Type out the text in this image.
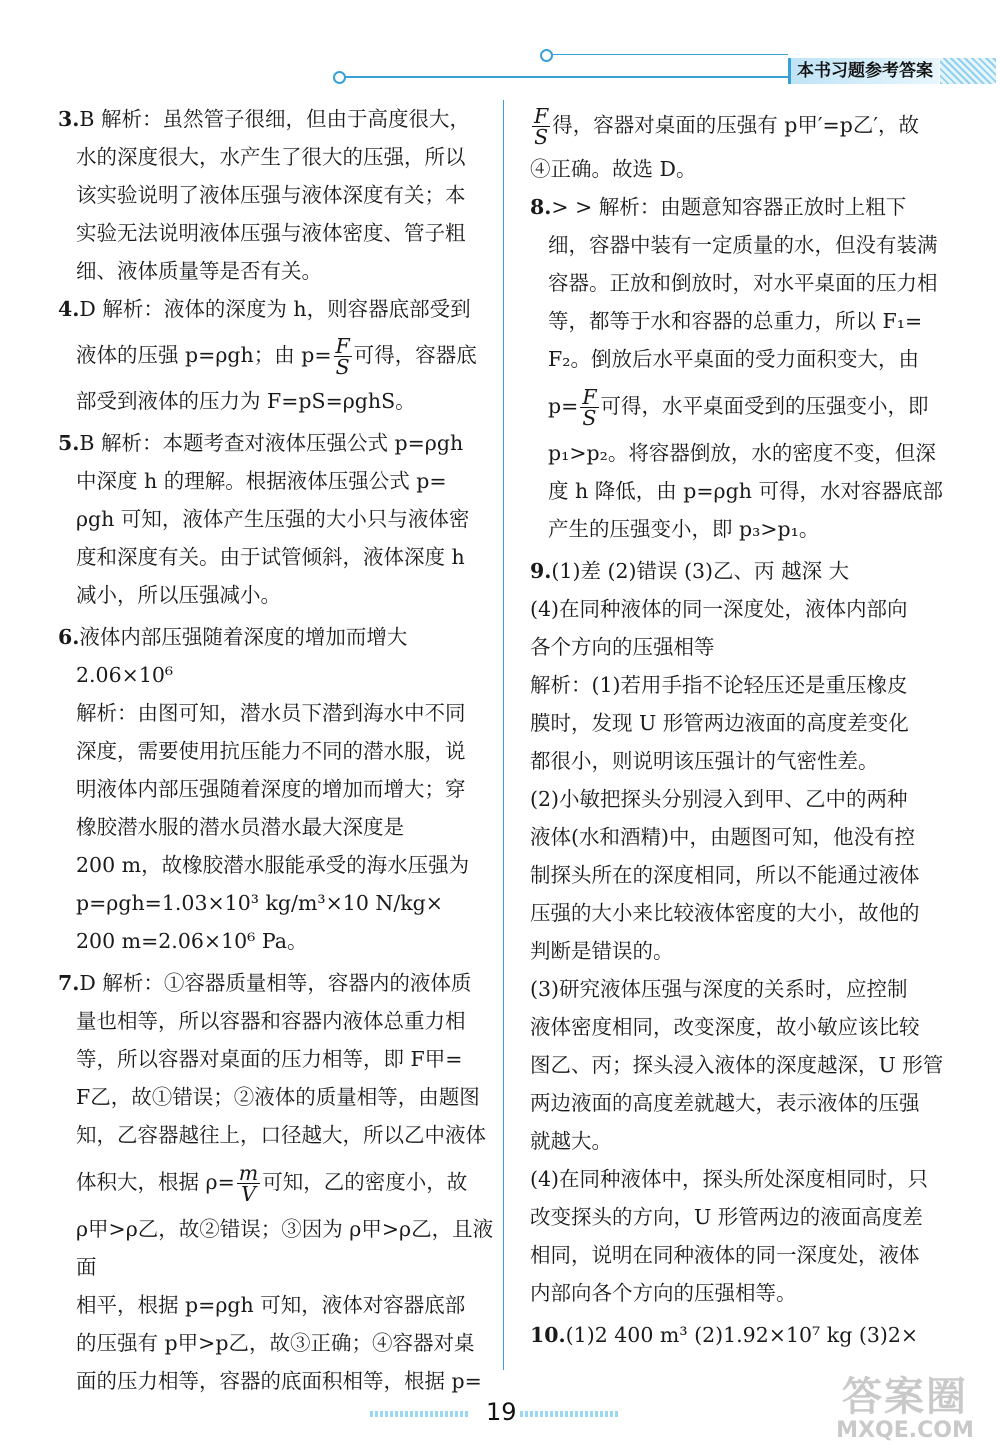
本书习题参考答案
3.B 解析：虽然管子很细，但由于高度很大，
水的深度很大，水产生了很大的压强，所以
该实验说明了液体压强与液体深度有关；本
实验无法说明液体压强与液体密度、管子粗
细、液体质量等是否有关。
4.D 解析：液体的深度为 h，则容器底部受到
液体的压强 p=ρgh；由 $p= \frac{F}{S}$ 可得，容器底
部受到液体的压力为 F=pS=ρghS。
5.B 解析：本题考查对液体压强公式 p=ρgh
中深度 h 的理解。根据液体压强公式 p=
ρgh 可知，液体产生压强的大小只与液体密
度和深度有关。由于试管倾斜，液体深度 h
减小，所以压强减小。
6.液体内部压强随着深度的增加而增大
2.06×10⁶
解析：由图可知，潜水员下潜到海水中不同
深度，需要使用抗压能力不同的潜水服，说
明液体内部压强随着深度的增加而增大；穿
橡胶潜水服的潜水员潜水最大深度是
200 m，故橡胶潜水服能承受的海水压强为
p=ρgh=1.03×10³ kg/m³×10 N/kg×
200 m=2.06×10⁶ Pa。
7.D 解析：①容器质量相等，容器内的液体质
量也相等，所以容器和容器内液体总重力相
等，所以容器对桌面的压力相等，即 F甲=
F乙，故①错误；②液体的质量相等，由题图
知，乙容器越往上，口径越大，所以乙中液体
体积大，根据 $\rho= \frac{m}{V}$ 可知，乙的密度小，故
ρ甲>ρ乙，故②错误；③因为 ρ甲>ρ乙，且液面
相平，根据 p=ρgh 可知，液体对容器底部
的压强有 p甲>p乙，故③正确；④容器对桌
面的压力相等，容器的底面积相等，根据 p=
$\frac{F}{S}$ 得，容器对桌面的压强有 p甲′=p乙′，故
④正确。故选 D。
8.> > 解析：由题意知容器正放时上粗下
细，容器中装有一定质量的水，但没有装满
容器。正放和倒放时，对水平桌面的压力相
等，都等于水和容器的总重力，所以 F₁=
F₂。倒放后水平桌面的受力面积变大，由
$p= \frac{F}{S}$ 可得，水平桌面受到的压强变小，即
p₁>p₂。将容器倒放，水的密度不变，但深
度 h 降低，由 p=ρgh 可得，水对容器底部
产生的压强变小，即 p₃>p₁。
9.(1)差 (2)错误 (3)乙、丙 越深 大
(4)在同种液体的同一深度处，液体内部向
各个方向的压强相等
解析：(1)若用手指不论轻压还是重压橡皮
膜时，发现 U 形管两边液面的高度差变化
都很小，则说明该压强计的气密性差。
(2)小敏把探头分别浸入到甲、乙中的两种
液体(水和酒精)中，由题图可知，他没有控
制探头所在的深度相同，所以不能通过液体
压强的大小来比较液体密度的大小，故他的
判断是错误的。
(3)研究液体压强与深度的关系时，应控制
液体密度相同，改变深度，故小敏应该比较
图乙、丙；探头浸入液体的深度越深，U 形管
两边液面的高度差就越大，表示液体的压强
就越大。
(4)在同种液体中，探头所处深度相同时，只
改变探头的方向，U 形管两边的液面高度差
相同，说明在同种液体的同一深度处，液体
内部向各个方向的压强相等。
10.(1)2 400 m³ (2)1.92×10⁷ kg (3)2×
19	答案圈
MXQE.COM
